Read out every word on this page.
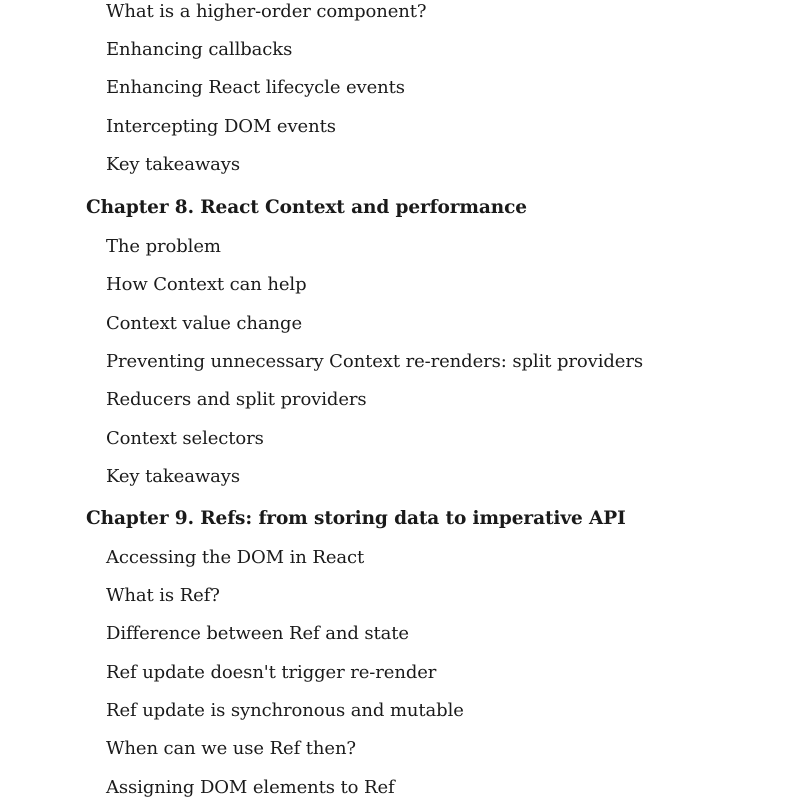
What is a higher-order component?
Enhancing callbacks
Enhancing React lifecycle events
Intercepting DOM events
Key takeaways
Chapter 8. React Context and performance
The problem
How Context can help
Context value change
Preventing unnecessary Context re-renders: split providers
Reducers and split providers
Context selectors
Key takeaways
Chapter 9. Refs: from storing data to imperative API
Accessing the DOM in React
What is Ref?
Difference between Ref and state
Ref update doesn't trigger re-render
Ref update is synchronous and mutable
When can we use Ref then?
Assigning DOM elements to Ref
